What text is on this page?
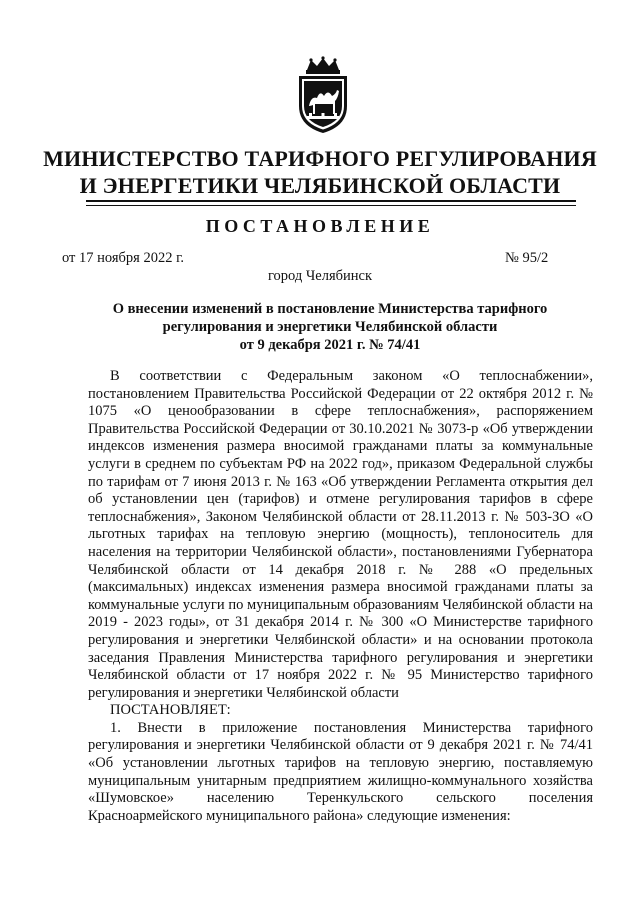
МИНИСТЕРСТВО ТАРИФНОГО РЕГУЛИРОВАНИЯ
И ЭНЕРГЕТИКИ ЧЕЛЯБИНСКОЙ ОБЛАСТИ
ПОСТАНОВЛЕНИЕ
от 17 ноября 2022 г.	№ 95/2
город Челябинск
О внесении изменений в постановление Министерства тарифного
регулирования и энергетики Челябинской области
от 9 декабря 2021 г. № 74/41

В соответствии с Федеральным законом «О теплоснабжении», постановлением Правительства Российской Федерации от 22 октября 2012 г. № 1075 «О ценообразовании в сфере теплоснабжения», распоряжением Правительства Российской Федерации от 30.10.2021 № 3073-р «Об утверждении индексов изменения размера вносимой гражданами платы за коммунальные услуги в среднем по субъектам РФ на 2022 год», приказом Федеральной службы по тарифам от 7 июня 2013 г. № 163 «Об утверждении Регламента открытия дел об установлении цен (тарифов) и отмене регулирования тарифов в сфере теплоснабжения», Законом Челябинской области от 28.11.2013 г. № 503-ЗО «О льготных тарифах на тепловую энергию (мощность), теплоноситель для населения на территории Челябинской области», постановлениями Губернатора Челябинской области от 14 декабря 2018 г. № 288 «О предельных (максимальных) индексах изменения размера вносимой гражданами платы за коммунальные услуги по муниципальным образованиям Челябинской области на 2019 - 2023 годы», от 31 декабря 2014 г. № 300 «О Министерстве тарифного регулирования и энергетики Челябинской области» и на основании протокола заседания Правления Министерства тарифного регулирования и энергетики Челябинской области от 17 ноября 2022 г. № 95 Министерство тарифного регулирования и энергетики Челябинской области

ПОСТАНОВЛЯЕТ:

1. Внести в приложение постановления Министерства тарифного регулирования и энергетики Челябинской области от 9 декабря 2021 г. № 74/41 «Об установлении льготных тарифов на тепловую энергию, поставляемую муниципальным унитарным предприятием жилищно-коммунального хозяйства «Шумовское» населению Теренкульского сельского поселения Красноармейского муниципального района» следующие изменения:
